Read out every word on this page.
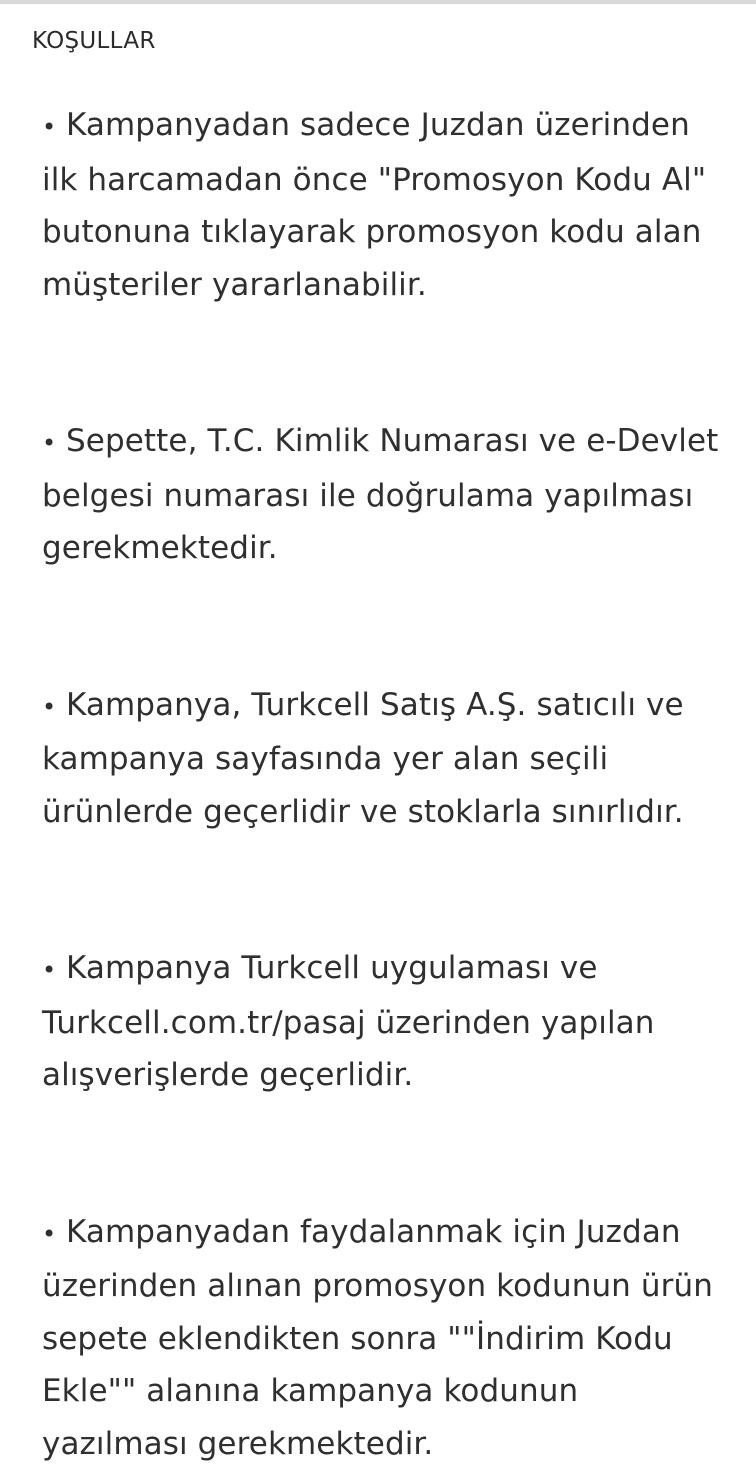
KOŞULLAR
• Kampanyadan sadece Juzdan üzerinden ilk harcamadan önce "Promosyon Kodu Al" butonuna tıklayarak promosyon kodu alan müşteriler yararlanabilir.
• Sepette, T.C. Kimlik Numarası ve e-Devlet belgesi numarası ile doğrulama yapılması gerekmektedir.
• Kampanya, Turkcell Satış A.Ş. satıcılı ve kampanya sayfasında yer alan seçili ürünlerde geçerlidir ve stoklarla sınırlıdır.
• Kampanya Turkcell uygulaması ve Turkcell.com.tr/pasaj üzerinden yapılan alışverişlerde geçerlidir.
• Kampanyadan faydalanmak için Juzdan üzerinden alınan promosyon kodunun ürün sepete eklendikten sonra ""İndirim Kodu Ekle"" alanına kampanya kodunun yazılması gerekmektedir.
